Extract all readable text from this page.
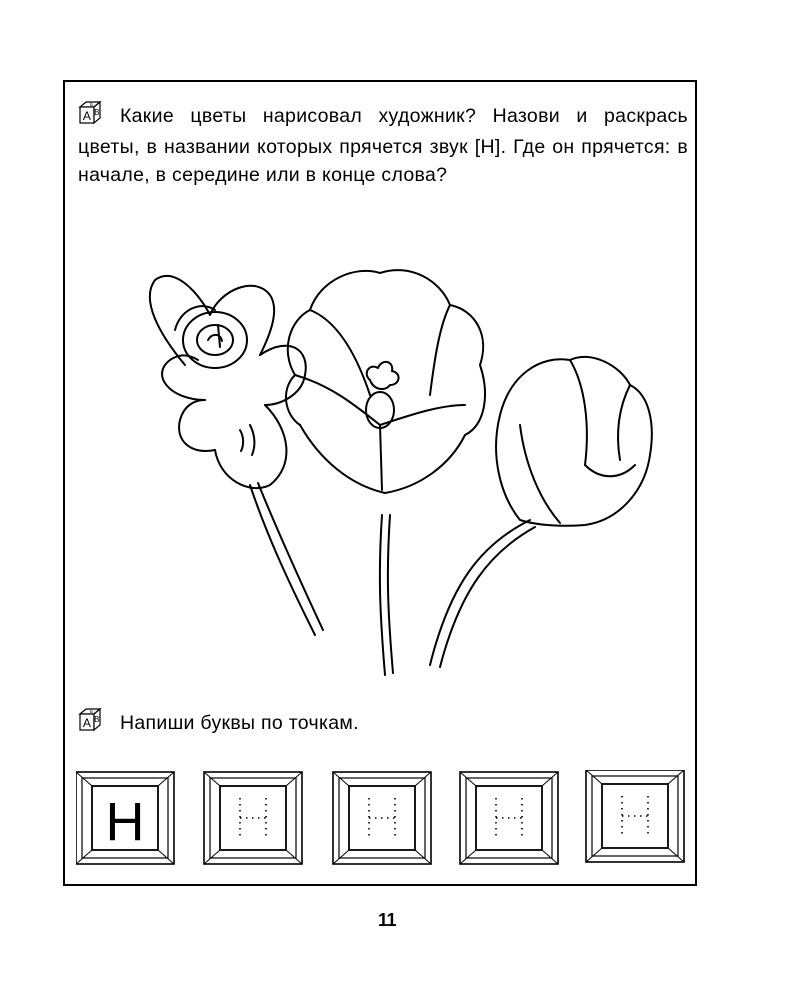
A
Б
В Какие цветы нарисовал художник? Назови и раскрась цветы, в названии которых прячется звук [Н]. Где он прячется: в начале, в середине или в конце слова?

A
Б
В Напиши буквы по точкам.

Н
11
